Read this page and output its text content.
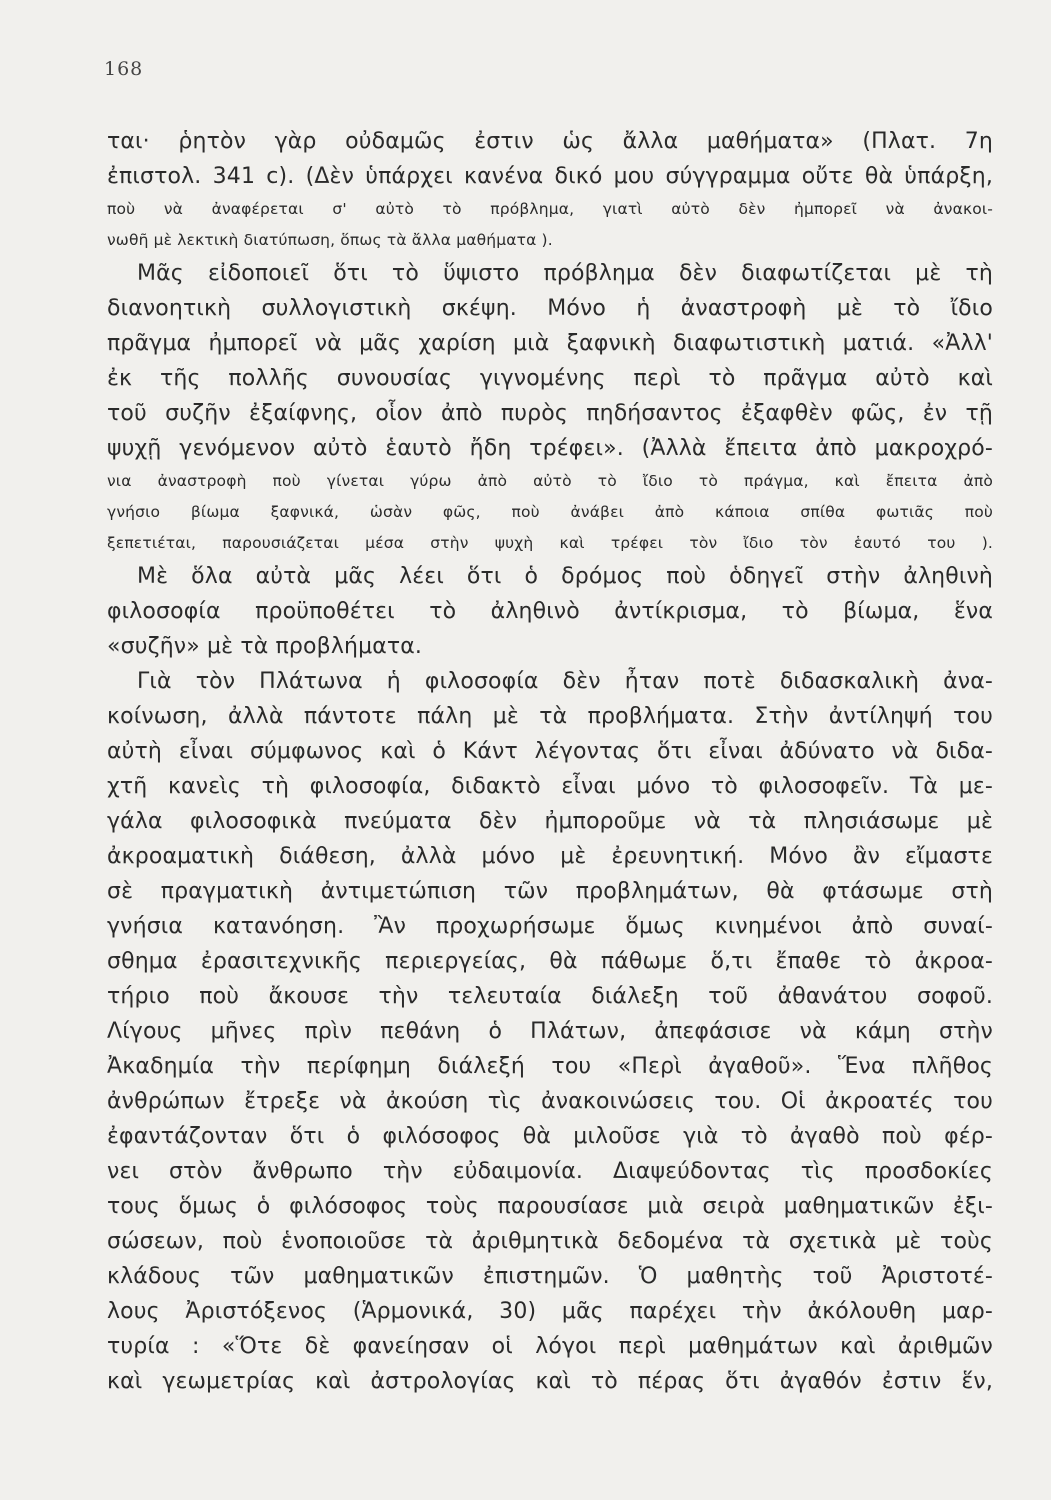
168
ται· ῥητὸν γὰρ οὐδαμῶς ἐστιν ὡς ἄλλα μαθήματα» (Πλατ. 7η
ἐπιστολ. 341 c). (Δὲν ὑπάρχει κανένα δικό μου σύγγραμμα οὔτε θὰ ὑπάρξη,
ποὺ νὰ ἀναφέρεται σ' αὐτὸ τὸ πρόβλημα, γιατὶ αὐτὸ δὲν ἠμπορεῖ νὰ ἀνακοι-
νωθῆ μὲ λεκτικὴ διατύπωση, ὅπως τὰ ἄλλα μαθήματα ).
Μᾶς εἰδοποιεῖ ὅτι τὸ ὕψιστο πρόβλημα δὲν διαφωτίζεται μὲ τὴ
διανοητικὴ συλλογιστικὴ σκέψη. Μόνο ἡ ἀναστροφὴ μὲ τὸ ἴδιο
πρᾶγμα ἠμπορεῖ νὰ μᾶς χαρίση μιὰ ξαφνικὴ διαφωτιστικὴ ματιά. «Ἀλλ'
ἐκ τῆς πολλῆς συνουσίας γιγνομένης περὶ τὸ πρᾶγμα αὐτὸ καὶ
τοῦ συζῆν ἐξαίφνης, οἷον ἀπὸ πυρὸς πηδήσαντος ἐξαφθὲν φῶς, ἐν τῇ
ψυχῇ γενόμενον αὐτὸ ἑαυτὸ ἤδη τρέφει». (Ἀλλὰ ἔπειτα ἀπὸ μακροχρό-
νια ἀναστροφὴ ποὺ γίνεται γύρω ἀπὸ αὐτὸ τὸ ἴδιο τὸ πράγμα, καὶ ἔπειτα ἀπὸ
γνήσιο βίωμα ξαφνικά, ὡσὰν φῶς, ποὺ ἀνάβει ἀπὸ κάποια σπίθα φωτιᾶς ποὺ
ξεπετιέται, παρουσιάζεται μέσα στὴν ψυχὴ καὶ τρέφει τὸν ἴδιο τὸν ἑαυτό του ).
Μὲ ὅλα αὐτὰ μᾶς λέει ὅτι ὁ δρόμος ποὺ ὁδηγεῖ στὴν ἀληθινὴ
φιλοσοφία προϋποθέτει τὸ ἀληθινὸ ἀντίκρισμα, τὸ βίωμα, ἕνα
«συζῆν» μὲ τὰ προβλήματα.
Γιὰ τὸν Πλάτωνα ἡ φιλοσοφία δὲν ἦταν ποτὲ διδασκαλικὴ ἀνα-
κοίνωση, ἀλλὰ πάντοτε πάλη μὲ τὰ προβλήματα. Στὴν ἀντίληψή του
αὐτὴ εἶναι σύμφωνος καὶ ὁ Κάντ λέγοντας ὅτι εἶναι ἀδύνατο νὰ διδα-
χτῆ κανεὶς τὴ φιλοσοφία, διδακτὸ εἶναι μόνο τὸ φιλοσοφεῖν. Τὰ με-
γάλα φιλοσοφικὰ πνεύματα δὲν ἠμποροῦμε νὰ τὰ πλησιάσωμε μὲ
ἀκροαματικὴ διάθεση, ἀλλὰ μόνο μὲ ἐρευνητική. Μόνο ἂν εἴμαστε
σὲ πραγματικὴ ἀντιμετώπιση τῶν προβλημάτων, θὰ φτάσωμε στὴ
γνήσια κατανόηση. Ἂν προχωρήσωμε ὅμως κινημένοι ἀπὸ συναί-
σθημα ἐρασιτεχνικῆς περιεργείας, θὰ πάθωμε ὅ,τι ἔπαθε τὸ ἀκροα-
τήριο ποὺ ἄκουσε τὴν τελευταία διάλεξη τοῦ ἀθανάτου σοφοῦ.
Λίγους μῆνες πρὶν πεθάνη ὁ Πλάτων, ἀπεφάσισε νὰ κάμη στὴν
Ἀκαδημία τὴν περίφημη διάλεξή του «Περὶ ἀγαθοῦ». Ἕνα πλῆθος
ἀνθρώπων ἔτρεξε νὰ ἀκούση τὶς ἀνακοινώσεις του. Οἱ ἀκροατές του
ἐφαντάζονταν ὅτι ὁ φιλόσοφος θὰ μιλοῦσε γιὰ τὸ ἀγαθὸ ποὺ φέρ-
νει στὸν ἄνθρωπο τὴν εὐδαιμονία. Διαψεύδοντας τὶς προσδοκίες
τους ὅμως ὁ φιλόσοφος τοὺς παρουσίασε μιὰ σειρὰ μαθηματικῶν ἐξι-
σώσεων, ποὺ ἑνοποιοῦσε τὰ ἀριθμητικὰ δεδομένα τὰ σχετικὰ μὲ τοὺς
κλάδους τῶν μαθηματικῶν ἐπιστημῶν. Ὁ μαθητὴς τοῦ Ἀριστοτέ-
λους Ἀριστόξενος (Ἁρμονικά, 30) μᾶς παρέχει τὴν ἀκόλουθη μαρ-
τυρία : «Ὅτε δὲ φανείησαν οἱ λόγοι περὶ μαθημάτων καὶ ἀριθμῶν
καὶ γεωμετρίας καὶ ἀστρολογίας καὶ τὸ πέρας ὅτι ἀγαθόν ἐστιν ἕν,
